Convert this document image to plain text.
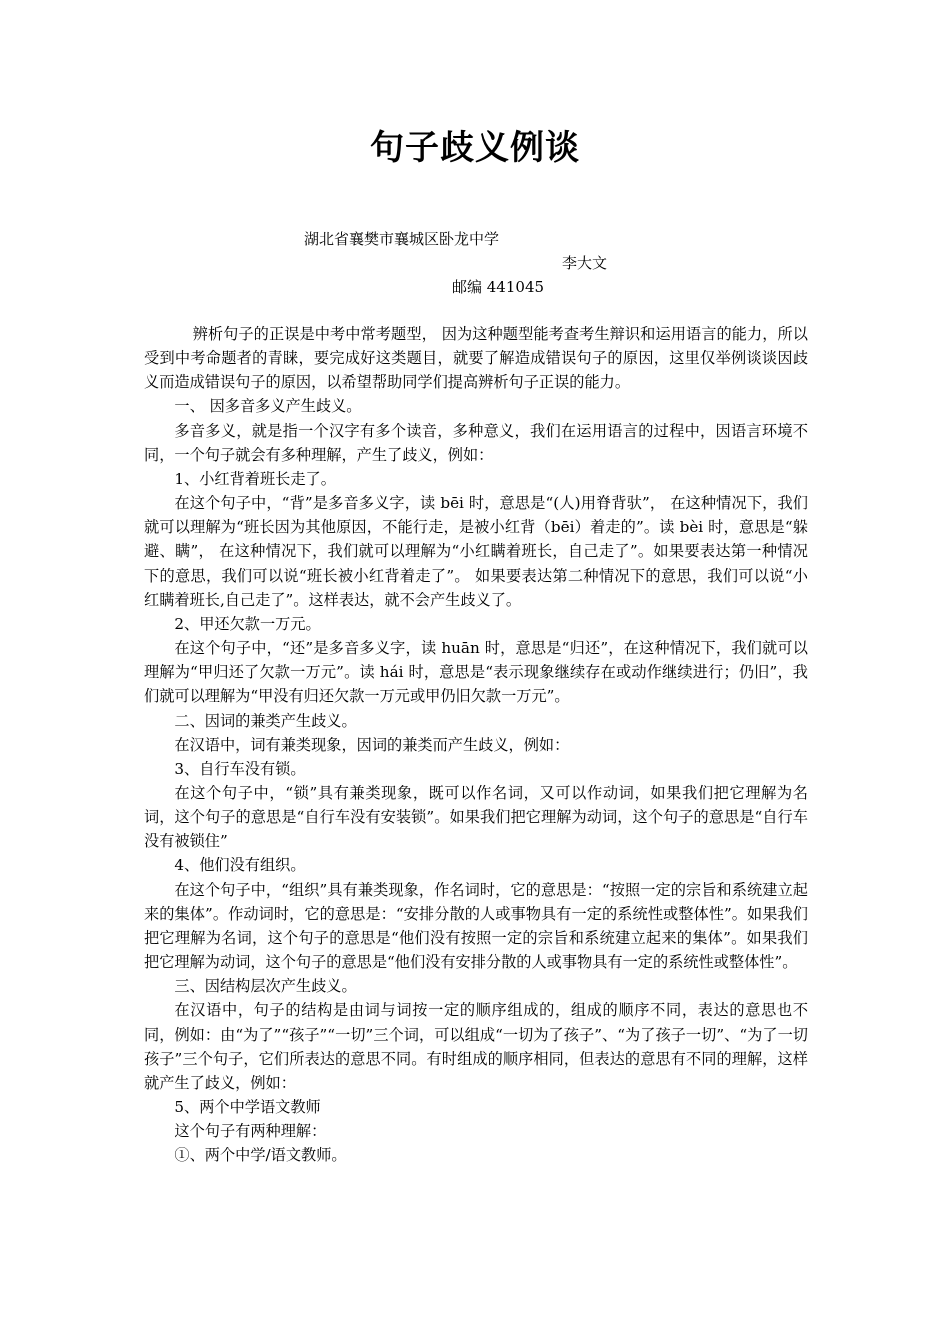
句子歧义例谈
湖北省襄樊市襄城区卧龙中学
李大文
邮编 441045

辨析句子的正误是中考中常考题型， 因为这种题型能考查考生辩识和运用语言的能力，所以受到中考命题者的青睐，要完成好这类题目，就要了解造成错误句子的原因，这里仅举例谈谈因歧义而造成错误句子的原因，以希望帮助同学们提高辨析句子正误的能力。

一、 因多音多义产生歧义。

多音多义，就是指一个汉字有多个读音，多种意义，我们在运用语言的过程中，因语言环境不同，一个句子就会有多种理解，产生了歧义，例如：

1、小红背着班长走了。

在这个句子中，“背”是多音多义字，读 bēi 时，意思是“(人)用脊背驮”， 在这种情况下，我们就可以理解为“班长因为其他原因，不能行走，是被小红背（bēi）着走的”。读 bèi 时，意思是“躲避、瞒”， 在这种情况下，我们就可以理解为“小红瞒着班长，自己走了”。如果要表达第一种情况下的意思，我们可以说“班长被小红背着走了”。 如果要表达第二种情况下的意思，我们可以说“小红瞒着班长,自己走了”。这样表达，就不会产生歧义了。

2、甲还欠款一万元。

在这个句子中，“还”是多音多义字，读 huān 时，意思是“归还”，在这种情况下，我们就可以理解为“甲归还了欠款一万元”。读 hái 时，意思是“表示现象继续存在或动作继续进行；仍旧”，我们就可以理解为“甲没有归还欠款一万元或甲仍旧欠款一万元”。

二、因词的兼类产生歧义。

在汉语中，词有兼类现象，因词的兼类而产生歧义，例如：

3、自行车没有锁。

在这个句子中，“锁”具有兼类现象，既可以作名词，又可以作动词，如果我们把它理解为名词，这个句子的意思是“自行车没有安装锁”。如果我们把它理解为动词，这个句子的意思是“自行车没有被锁住”

4、他们没有组织。

在这个句子中，“组织”具有兼类现象，作名词时，它的意思是：“按照一定的宗旨和系统建立起来的集体”。作动词时，它的意思是：“安排分散的人或事物具有一定的系统性或整体性”。如果我们把它理解为名词，这个句子的意思是“他们没有按照一定的宗旨和系统建立起来的集体”。如果我们把它理解为动词，这个句子的意思是“他们没有安排分散的人或事物具有一定的系统性或整体性”。

三、因结构层次产生歧义。

在汉语中，句子的结构是由词与词按一定的顺序组成的，组成的顺序不同，表达的意思也不同，例如：由“为了”“孩子”“一切”三个词，可以组成“一切为了孩子”、“为了孩子一切”、“为了一切孩子”三个句子，它们所表达的意思不同。有时组成的顺序相同，但表达的意思有不同的理解，这样就产生了歧义，例如：

5、两个中学语文教师

这个句子有两种理解：

①、两个中学/语文教师。
